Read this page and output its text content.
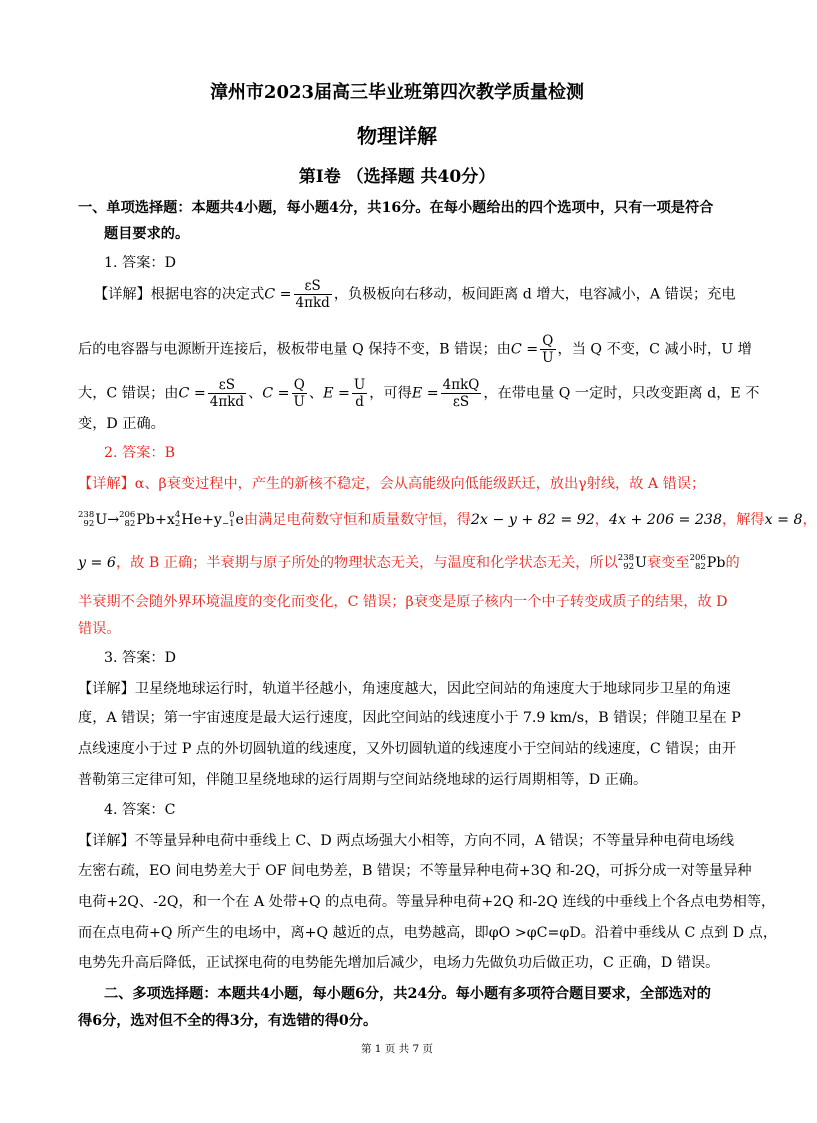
漳州市2023届高三毕业班第四次教学质量检测
物理详解
第Ⅰ卷 （选择题 共40分）
一、单项选择题：本题共4小题，每小题4分，共16分。在每小题给出的四个选项中，只有一项是符合
题目要求的。
1. 答案：D
【详解】根据电容的决定式$C = \frac{\varepsilon S}{\text{4πkd}}$ ，负极板向右移动，板间距离 d 增大，电容减小，A 错误；充电
后的电容器与电源断开连接后，极板带电量 Q 保持不变，B 错误；由$C = \frac{Q}{U}$ ，当 Q 不变，C 减小时，U 增
大，C 错误；由$C = \frac{\varepsilon S}{\text{4πkd}}$ 、$C = \frac{Q}{U}$ 、$E = \frac{U}{d}$ ，可得$E = \frac{\text{4πkQ}}{\varepsilon S}$ ，在带电量 Q 一定时，只改变距离 d，E 不
变，D 正确。
2. 答案：B
【详解】α、β衰变过程中，产生的新核不稳定，会从高能级向低能级跃迁，放出γ射线，故 A 错误；
238
92 U→ 206
82 Pb+x 4
2 He+y 0
−1 e由满足电荷数守恒和质量数守恒，得2x − y + 82 = 92，4x + 206 = 238，解得x = 8，
y = 6，故 B 正确；半衰期与原子所处的物理状态无关，与温度和化学状态无关，所以 238
92 U衰变至 206
82 Pb的
半衰期不会随外界环境温度的变化而变化，C 错误；β衰变是原子核内一个中子转变成质子的结果，故 D
错误。
3. 答案：D
【详解】卫星绕地球运行时，轨道半径越小，角速度越大，因此空间站的角速度大于地球同步卫星的角速
度，A 错误；第一宇宙速度是最大运行速度，因此空间站的线速度小于 7.9 km/s，B 错误；伴随卫星在 P
点线速度小于过 P 点的外切圆轨道的线速度，又外切圆轨道的线速度小于空间站的线速度，C 错误；由开
普勒第三定律可知，伴随卫星绕地球的运行周期与空间站绕地球的运行周期相等，D 正确。
4. 答案：C
【详解】不等量异种电荷中垂线上 C、D 两点场强大小相等，方向不同，A 错误；不等量异种电荷电场线
左密右疏，EO 间电势差大于 OF 间电势差，B 错误；不等量异种电荷+3Q 和-2Q，可拆分成一对等量异种
电荷+2Q、-2Q，和一个在 A 处带+Q 的点电荷。等量异种电荷+2Q 和-2Q 连线的中垂线上个各点电势相等，
而在点电荷+Q 所产生的电场中，离+Q 越近的点，电势越高，即φO >φC=φD。沿着中垂线从 C 点到 D 点，
电势先升高后降低，正试探电荷的电势能先增加后减少，电场力先做负功后做正功，C 正确，D 错误。
二、多项选择题：本题共4小题，每小题6分，共24分。每小题有多项符合题目要求，全部选对的
得6分，选对但不全的得3分，有选错的得0分。
第 1 页 共 7 页
